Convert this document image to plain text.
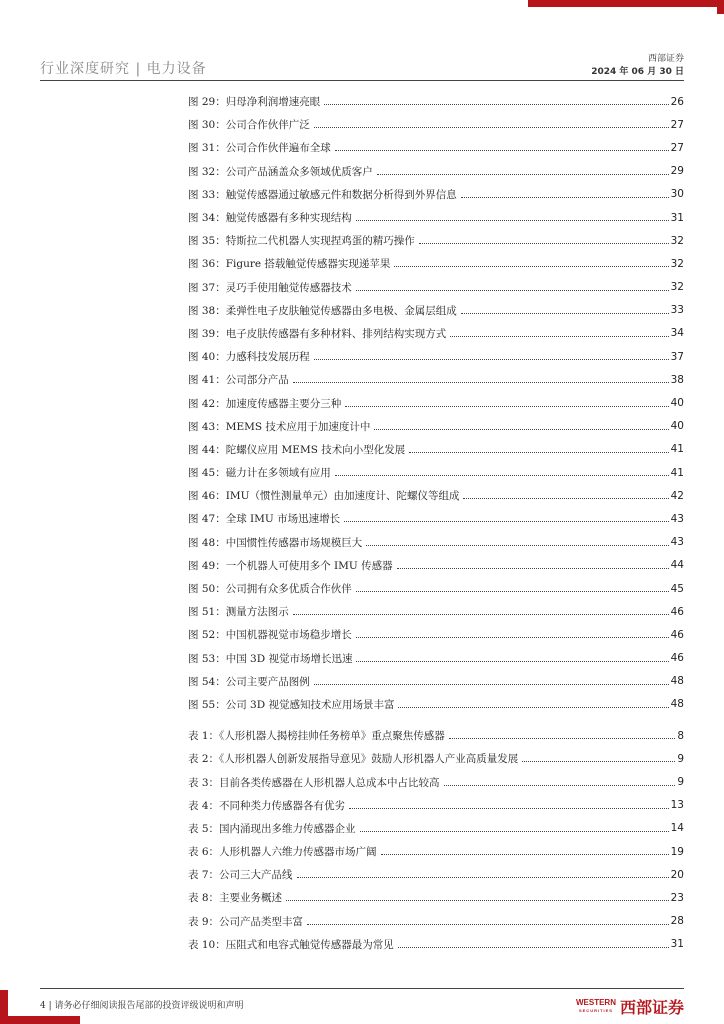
行业深度研究 | 电力设备
西部证券
2024 年 06 月 30 日
图 29：归母净利润增速亮眼	26
图 30：公司合作伙伴广泛	27
图 31：公司合作伙伴遍布全球	27
图 32：公司产品涵盖众多领域优质客户	29
图 33：触觉传感器通过敏感元件和数据分析得到外界信息	30
图 34：触觉传感器有多种实现结构	31
图 35：特斯拉二代机器人实现捏鸡蛋的精巧操作	32
图 36：Figure 搭载触觉传感器实现递苹果	32
图 37：灵巧手使用触觉传感器技术	32
图 38：柔弹性电子皮肤触觉传感器由多电极、金属层组成	33
图 39：电子皮肤传感器有多种材料、排列结构实现方式	34
图 40：力感科技发展历程	37
图 41：公司部分产品	38
图 42：加速度传感器主要分三种	40
图 43：MEMS 技术应用于加速度计中	40
图 44：陀螺仪应用 MEMS 技术向小型化发展	41
图 45：磁力计在多领域有应用	41
图 46：IMU（惯性测量单元）由加速度计、陀螺仪等组成	42
图 47：全球 IMU 市场迅速增长	43
图 48：中国惯性传感器市场规模巨大	43
图 49：一个机器人可使用多个 IMU 传感器	44
图 50：公司拥有众多优质合作伙伴	45
图 51：测量方法图示	46
图 52：中国机器视觉市场稳步增长	46
图 53：中国 3D 视觉市场增长迅速	46
图 54：公司主要产品图例	48
图 55：公司 3D 视觉感知技术应用场景丰富	48
表 1：《人形机器人揭榜挂帅任务榜单》重点聚焦传感器	8
表 2：《人形机器人创新发展指导意见》鼓励人形机器人产业高质量发展	9
表 3：目前各类传感器在人形机器人总成本中占比较高	9
表 4：不同种类力传感器各有优劣	13
表 5：国内涌现出多维力传感器企业	14
表 6：人形机器人六维力传感器市场广阔	19
表 7：公司三大产品线	20
表 8：主要业务概述	23
表 9：公司产品类型丰富	28
表 10：压阻式和电容式触觉传感器最为常见	31
4 | 请务必仔细阅读报告尾部的投资评级说明和声明	WESTERN
SECURITIES 西部证券
